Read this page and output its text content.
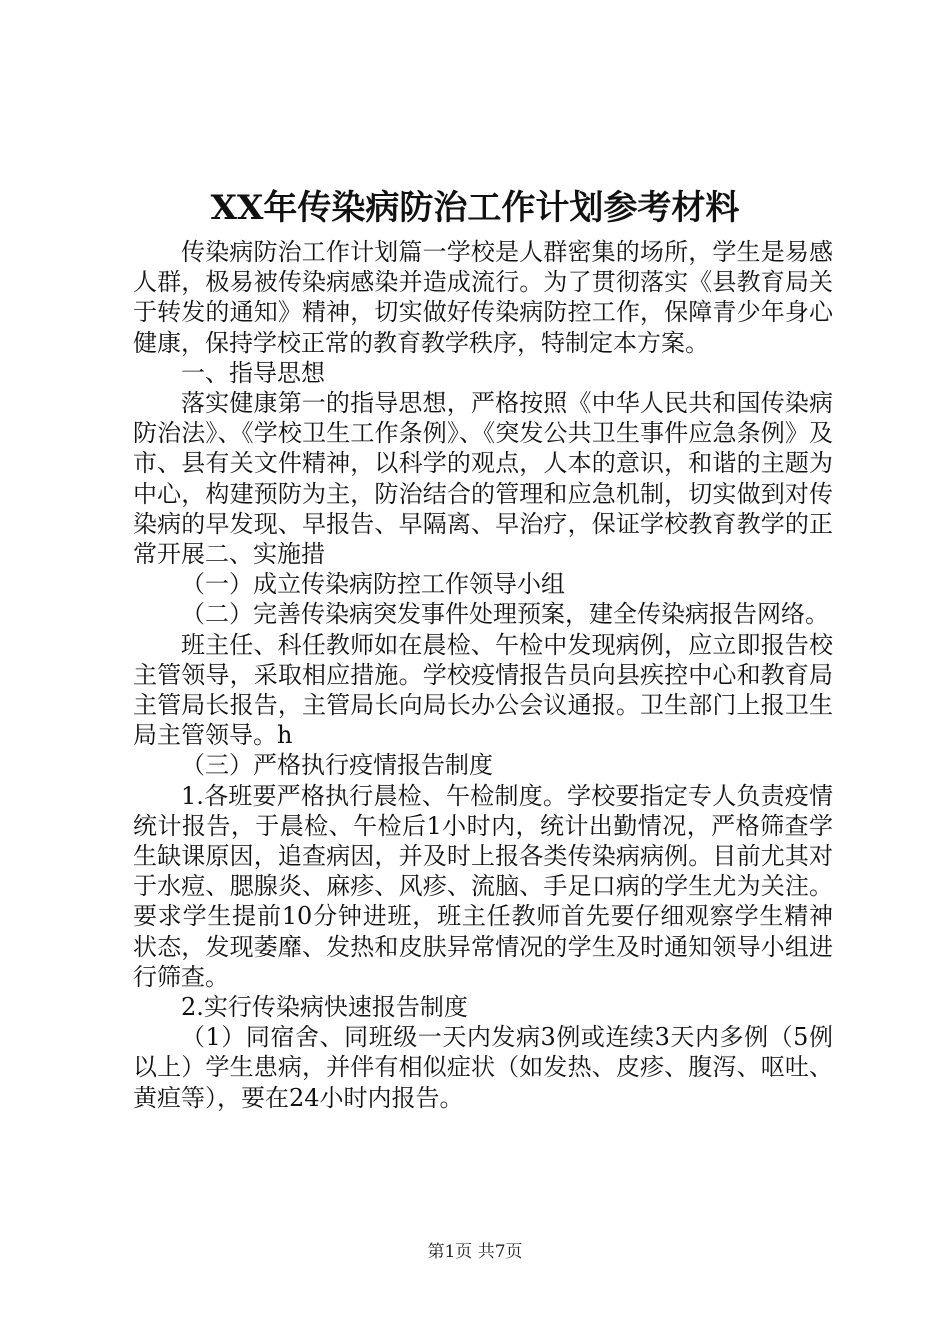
XX年传染病防治工作计划参考材料

传染病防治工作计划篇一学校是人群密集的场所，学生是易感人群，极易被传染病感染并造成流行。为了贯彻落实《县教育局关于转发的通知》精神，切实做好传染病防控工作，保障青少年身心健康，保持学校正常的教育教学秩序，特制定本方案。

一、指导思想

落实健康第一的指导思想，严格按照《中华人民共和国传染病防治法》、《学校卫生工作条例》、《突发公共卫生事件应急条例》及市、县有关文件精神，以科学的观点，人本的意识，和谐的主题为中心，构建预防为主，防治结合的管理和应急机制，切实做到对传染病的早发现、早报告、早隔离、早治疗，保证学校教育教学的正常开展二、实施措

（一）成立传染病防控工作领导小组

（二）完善传染病突发事件处理预案，建全传染病报告网络。

班主任、科任教师如在晨检、午检中发现病例，应立即报告校主管领导，采取相应措施。学校疫情报告员向县疾控中心和教育局主管局长报告，主管局长向局长办公会议通报。卫生部门上报卫生局主管领导。h

（三）严格执行疫情报告制度

1.各班要严格执行晨检、午检制度。学校要指定专人负责疫情统计报告，于晨检、午检后1小时内，统计出勤情况，严格筛查学生缺课原因，追查病因，并及时上报各类传染病病例。目前尤其对于水痘、腮腺炎、麻疹、风疹、流脑、手足口病的学生尤为关注。要求学生提前10分钟进班，班主任教师首先要仔细观察学生精神状态，发现萎靡、发热和皮肤异常情况的学生及时通知领导小组进行筛查。

2.实行传染病快速报告制度

（1）同宿舍、同班级一天内发病3例或连续3天内多例（5例以上）学生患病，并伴有相似症状（如发热、皮疹、腹泻、呕吐、黄疸等），要在24小时内报告。

第1页 共7页
